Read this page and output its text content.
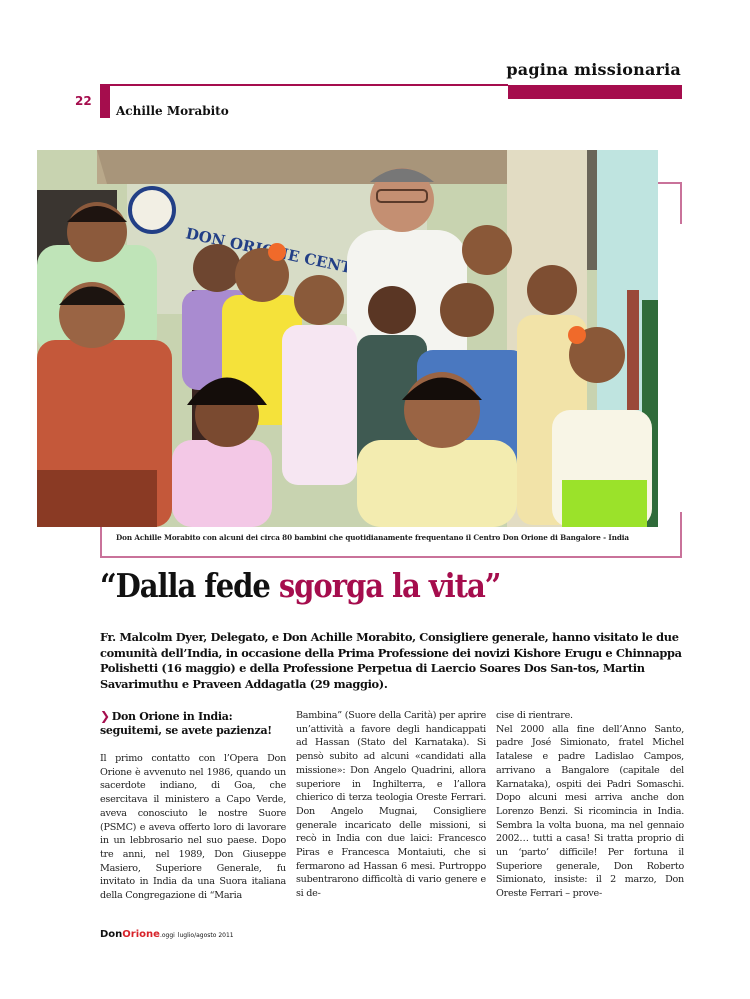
pagina missionaria
22
Achille Morabito
DON CENTRE
Don Achille Morabito con alcuni dei circa 80 bambini che quotidianamente frequentano il Centro Don Orione di Bangalore - India
“Dalla fede sgorga la vita”
Fr. Malcolm Dyer, Delegato, e Don Achille Morabito, Consigliere generale, hanno visitato le due comunità dell’India, in occasione della Prima Professione dei novizi Kishore Erugu e Chinnappa Polishetti (16 maggio) e della Professione Perpetua di Laercio Soares Dos San-tos, Martin Savarimuthu e Praveen Addagatla (29 maggio).
❯ Don Orione in India: seguitemi, se avete pazienza!

Il primo contatto con l’Opera Don Orione è avvenuto nel 1986, quando un sacerdote indiano, di Goa, che esercitava il ministero a Capo Verde, aveva conosciuto le nostre Suore (PSMC) e aveva offerto loro di lavorare in un lebbrosario nel suo paese. Dopo tre anni, nel 1989, Don Giuseppe Masiero, Superiore Generale, fu invitato in India da una Suora italiana della Congregazione di “Maria

Bambina” (Suore della Carità) per aprire un’attività a favore degli handicappati ad Hassan (Stato del Karnataka). Si pensò subito ad alcuni «candidati alla missione»: Don Angelo Quadrini, allora superiore in Inghilterra, e l’allora chierico di terza teologia Oreste Ferrari. Don Angelo Mugnai, Consigliere generale incaricato delle missioni, si recò in India con due laici: Francesco Piras e Francesca Montaiuti, che si fermarono ad Hassan 6 mesi. Purtroppo subentrarono difficoltà di vario genere e si de-

cise di rientrare.

Nel 2000 alla fine dell’Anno Santo, padre José Simionato, fratel Michel Iatalese e padre Ladislao Campos, arrivano a Bangalore (capitale del Karnataka), ospiti dei Padri Somaschi. Dopo alcuni mesi arriva anche don Lorenzo Benzi. Si ricomincia in India. Sembra la volta buona, ma nel gennaio 2002… tutti a casa! Si tratta proprio di un ‘parto’ difficile! Per fortuna il Superiore generale, Don Roberto Simionato, insiste: il 2 marzo, Don Oreste Ferrari – prove-

DonOrione.oggi luglio/agosto 2011
